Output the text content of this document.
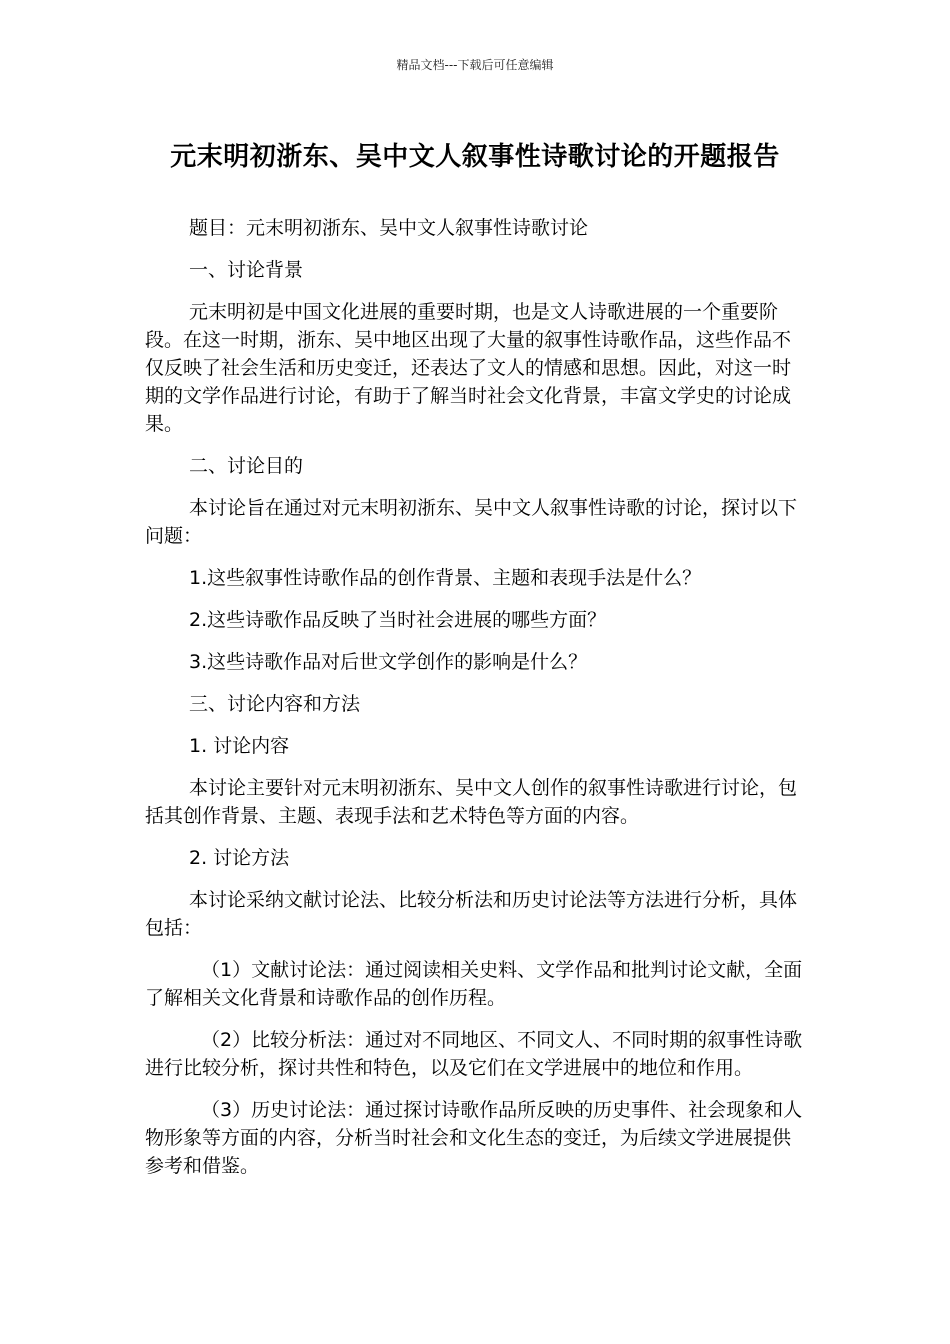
精品文档---下载后可任意编辑
元末明初浙东、吴中文人叙事性诗歌讨论的开题报告

题目：元末明初浙东、吴中文人叙事性诗歌讨论

一、讨论背景

元末明初是中国文化进展的重要时期，也是文人诗歌进展的一个重要阶段。在这一时期，浙东、吴中地区出现了大量的叙事性诗歌作品，这些作品不仅反映了社会生活和历史变迁，还表达了文人的情感和思想。因此，对这一时期的文学作品进行讨论，有助于了解当时社会文化背景，丰富文学史的讨论成果。

二、讨论目的

本讨论旨在通过对元末明初浙东、吴中文人叙事性诗歌的讨论，探讨以下问题：

1.这些叙事性诗歌作品的创作背景、主题和表现手法是什么？

2.这些诗歌作品反映了当时社会进展的哪些方面？

3.这些诗歌作品对后世文学创作的影响是什么？

三、讨论内容和方法

1. 讨论内容

本讨论主要针对元末明初浙东、吴中文人创作的叙事性诗歌进行讨论，包括其创作背景、主题、表现手法和艺术特色等方面的内容。

2. 讨论方法

本讨论采纳文献讨论法、比较分析法和历史讨论法等方法进行分析，具体包括：

（1）文献讨论法：通过阅读相关史料、文学作品和批判讨论文献，全面了解相关文化背景和诗歌作品的创作历程。

（2）比较分析法：通过对不同地区、不同文人、不同时期的叙事性诗歌进行比较分析，探讨共性和特色，以及它们在文学进展中的地位和作用。

（3）历史讨论法：通过探讨诗歌作品所反映的历史事件、社会现象和人物形象等方面的内容，分析当时社会和文化生态的变迁，为后续文学进展提供参考和借鉴。
